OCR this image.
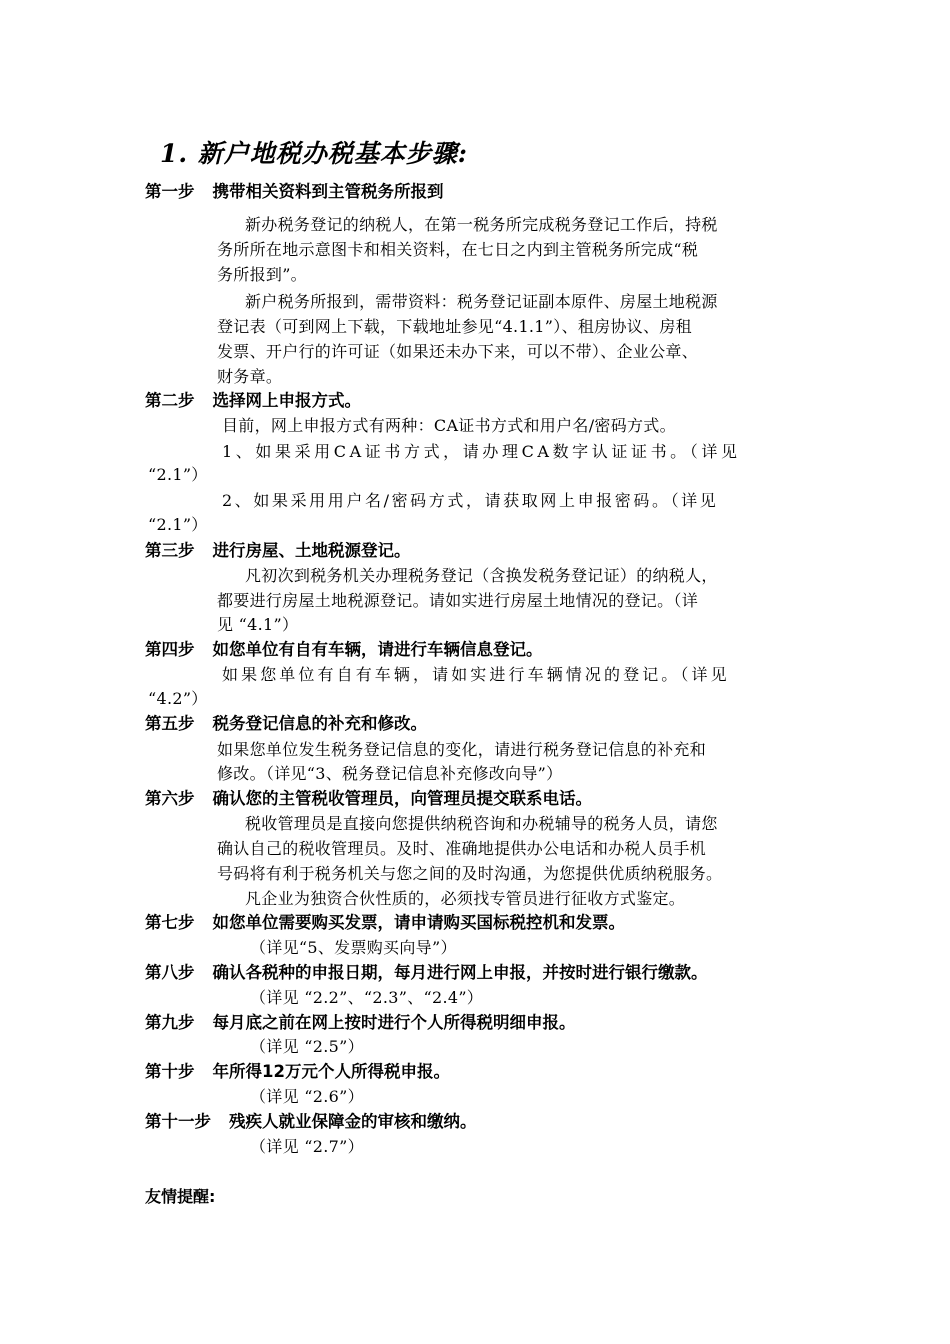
1. 新户地税办税基本步骤:
第一步 携带相关资料到主管税务所报到
新办税务登记的纳税人，在第一税务所完成税务登记工作后，持税
务所所在地示意图卡和相关资料，在七日之内到主管税务所完成“税
务所报到”。
新户税务所报到，需带资料：税务登记证副本原件、房屋土地税源
登记表（可到网上下载，下载地址参见“4.1.1”）、租房协议、房租
发票、开户行的许可证（如果还未办下来，可以不带）、企业公章、
财务章。
第二步 选择网上申报方式。
目前，网上申报方式有两种：CA证书方式和用户名/密码方式。
1、如果采用CA证书方式，请办理CA数字认证证书。（详见
“2.1”）
2、如果采用用户名/密码方式，请获取网上申报密码。（详见
“2.1”）
第三步 进行房屋、土地税源登记。
凡初次到税务机关办理税务登记（含换发税务登记证）的纳税人，
都要进行房屋土地税源登记。请如实进行房屋土地情况的登记。（详
见 “4.1”）
第四步 如您单位有自有车辆，请进行车辆信息登记。
如果您单位有自有车辆，请如实进行车辆情况的登记。（详见
“4.2”）
第五步 税务登记信息的补充和修改。
如果您单位发生税务登记信息的变化，请进行税务登记信息的补充和
修改。（详见“3、税务登记信息补充修改向导”）
第六步 确认您的主管税收管理员，向管理员提交联系电话。
税收管理员是直接向您提供纳税咨询和办税辅导的税务人员，请您
确认自己的税收管理员。及时、准确地提供办公电话和办税人员手机
号码将有利于税务机关与您之间的及时沟通，为您提供优质纳税服务。
凡企业为独资合伙性质的，必须找专管员进行征收方式鉴定。
第七步 如您单位需要购买发票，请申请购买国标税控机和发票。
（详见“5、发票购买向导”）
第八步 确认各税种的申报日期，每月进行网上申报，并按时进行银行缴款。
（详见 “2.2”、“2.3”、“2.4”）
第九步 每月底之前在网上按时进行个人所得税明细申报。
（详见 “2.5”）
第十步 年所得12万元个人所得税申报。
（详见 “2.6”）
第十一步 残疾人就业保障金的审核和缴纳。
（详见 “2.7”）
友情提醒:
